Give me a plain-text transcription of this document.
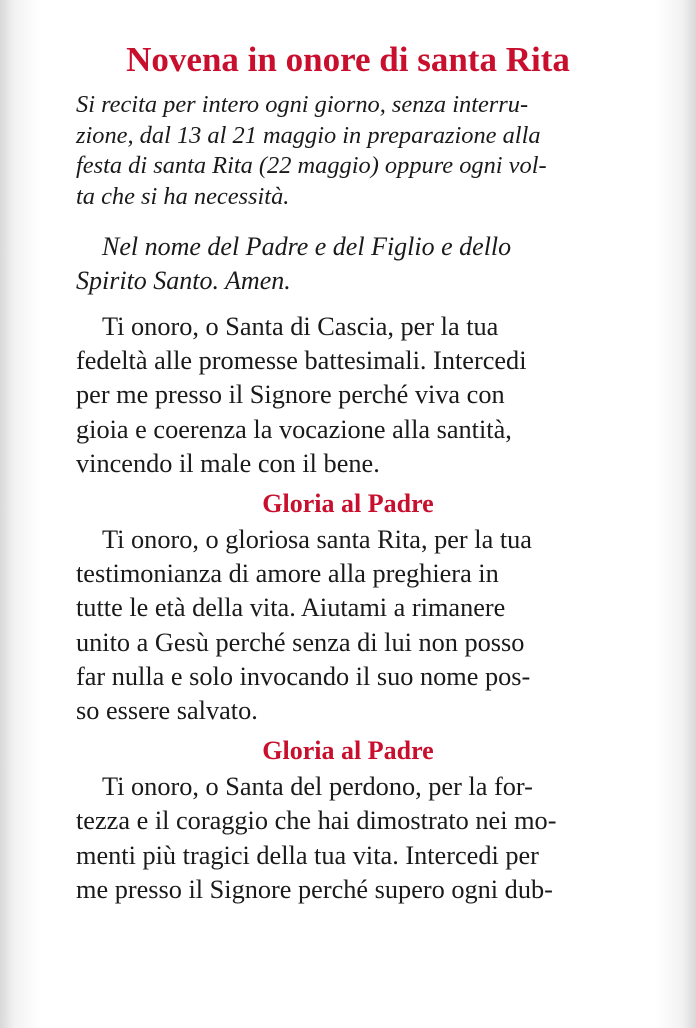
Novena in onore di santa Rita
Si recita per intero ogni giorno, senza interru-
zione, dal 13 al 21 maggio in preparazione alla
festa di santa Rita (22 maggio) oppure ogni vol-
ta che si ha necessità.
Nel nome del Padre e del Figlio e dello
Spirito Santo. Amen.
Ti onoro, o Santa di Cascia, per la tua
fedeltà alle promesse battesimali. Intercedi
per me presso il Signore perché viva con
gioia e coerenza la vocazione alla santità,
vincendo il male con il bene.
Gloria al Padre
Ti onoro, o gloriosa santa Rita, per la tua
testimonianza di amore alla preghiera in
tutte le età della vita. Aiutami a rimanere
unito a Gesù perché senza di lui non posso
far nulla e solo invocando il suo nome pos-
so essere salvato.
Gloria al Padre
Ti onoro, o Santa del perdono, per la for-
tezza e il coraggio che hai dimostrato nei mo-
menti più tragici della tua vita. Intercedi per
me presso il Signore perché supero ogni dub-
